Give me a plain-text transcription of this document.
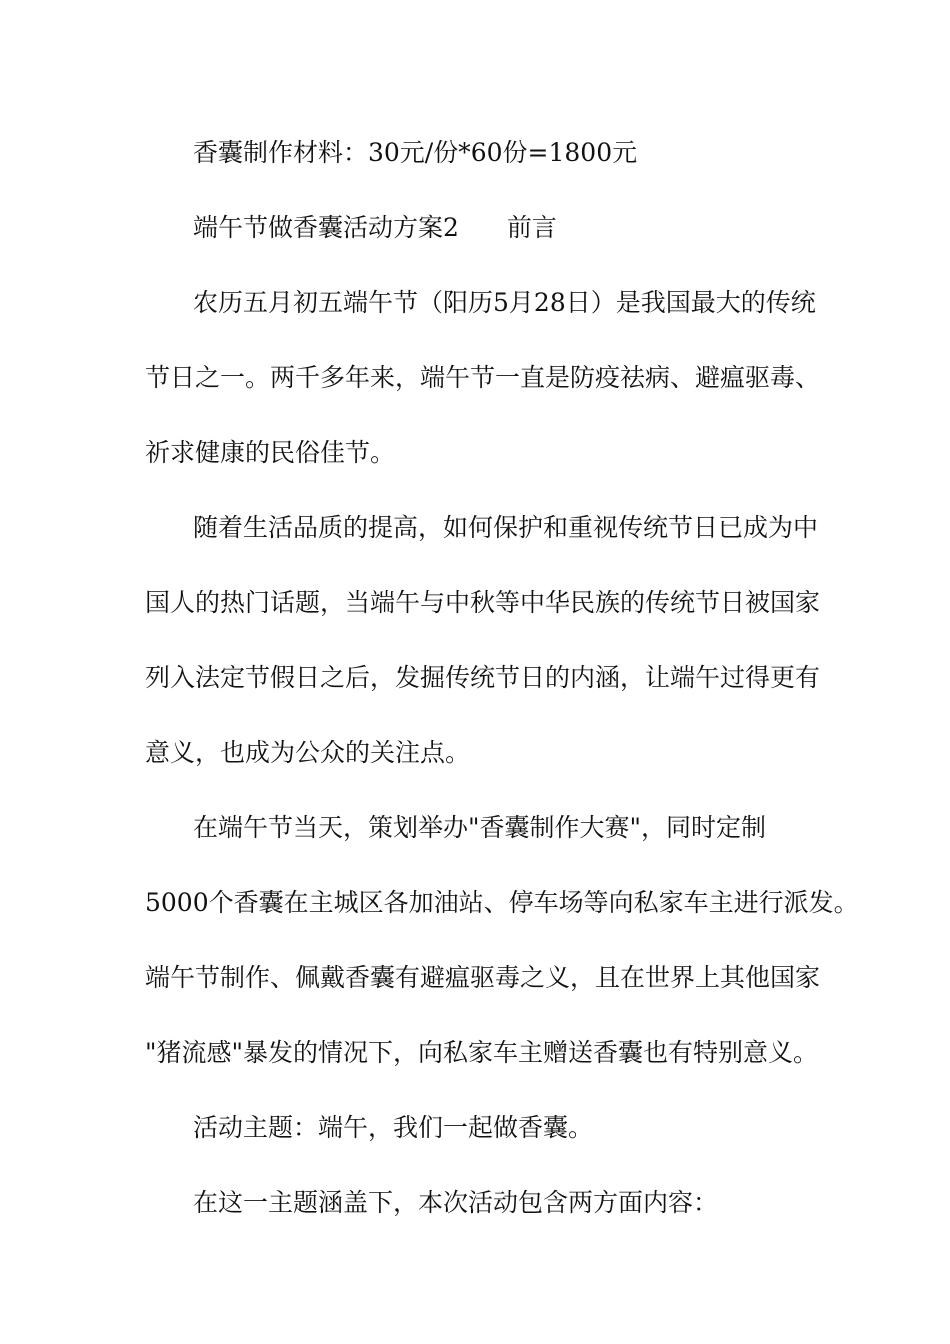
香囊制作材料：30元/份*60份=1800元
端午节做香囊活动方案2 前言
农历五月初五端午节（阳历5月28日）是我国最大的传统
节日之一。两千多年来，端午节一直是防疫祛病、避瘟驱毒、
祈求健康的民俗佳节。
随着生活品质的提高，如何保护和重视传统节日已成为中
国人的热门话题，当端午与中秋等中华民族的传统节日被国家
列入法定节假日之后，发掘传统节日的内涵，让端午过得更有
意义，也成为公众的关注点。
在端午节当天，策划举办"香囊制作大赛"，同时定制
5000个香囊在主城区各加油站、停车场等向私家车主进行派发。
端午节制作、佩戴香囊有避瘟驱毒之义，且在世界上其他国家
"猪流感"暴发的情况下，向私家车主赠送香囊也有特别意义。
活动主题：端午，我们一起做香囊。
在这一主题涵盖下，本次活动包含两方面内容：
